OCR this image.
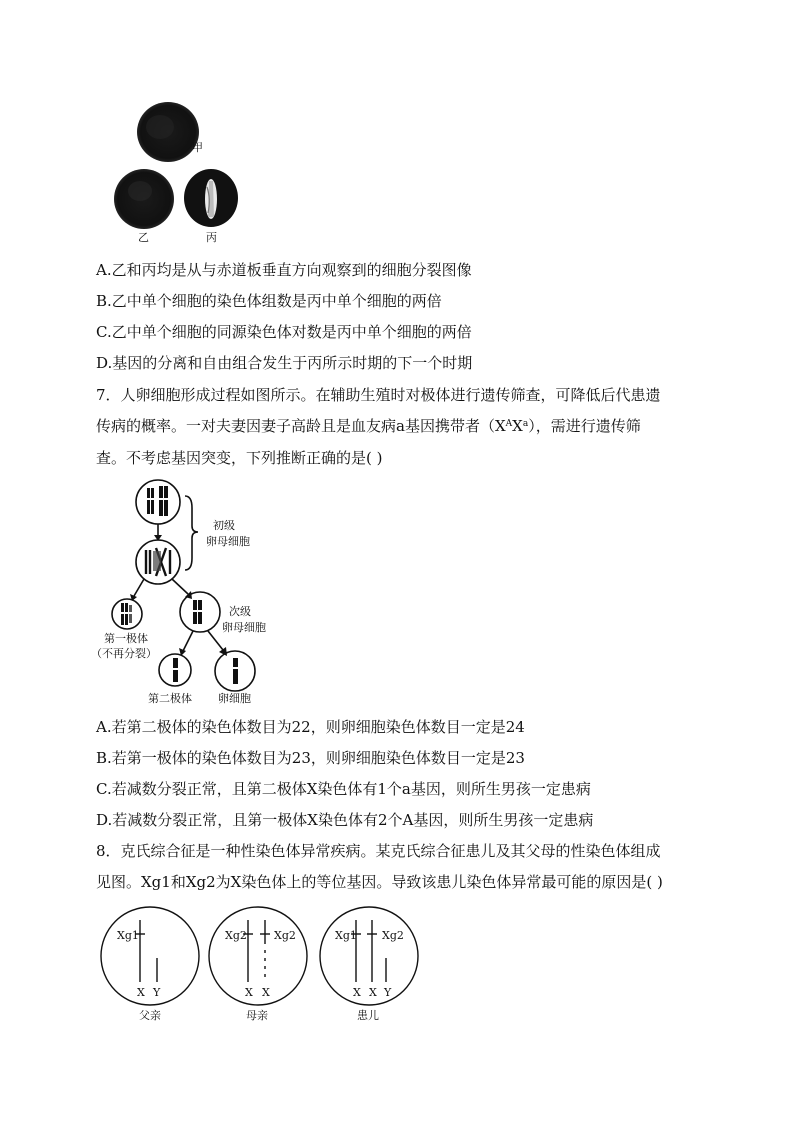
甲
乙	丙
A.乙和丙均是从与赤道板垂直方向观察到的细胞分裂图像
B.乙中单个细胞的染色体组数是丙中单个细胞的两倍
C.乙中单个细胞的同源染色体对数是丙中单个细胞的两倍
D.基因的分离和自由组合发生于丙所示时期的下一个时期
7．人卵细胞形成过程如图所示。在辅助生殖时对极体进行遗传筛查，可降低后代患遗
传病的概率。一对夫妻因妻子高龄且是血友病a基因携带者$(X^AX^a)$，需进行遗传筛
查。不考虑基因突变，下列推断正确的是( )
初级
卵母细胞
次级
卵母细胞
第一极体
（不再分裂）
第二极体 卵细胞
A.若第二极体的染色体数目为22，则卵细胞染色体数目一定是24
B.若第一极体的染色体数目为23，则卵细胞染色体数目一定是23
C.若减数分裂正常，且第二极体X染色体有1个a基因，则所生男孩一定患病
D.若减数分裂正常，且第一极体X染色体有2个A基因，则所生男孩一定患病
8．克氏综合征是一种性染色体异常疾病。某克氏综合征患儿及其父母的性染色体组成
见图。Xg1和Xg2为X染色体上的等位基因。导致该患儿染色体异常最可能的原因是( )
Xg1
X Y
父亲
Xg2 Xg2
X X
母亲
Xg1 Xg2
X X Y
患儿
